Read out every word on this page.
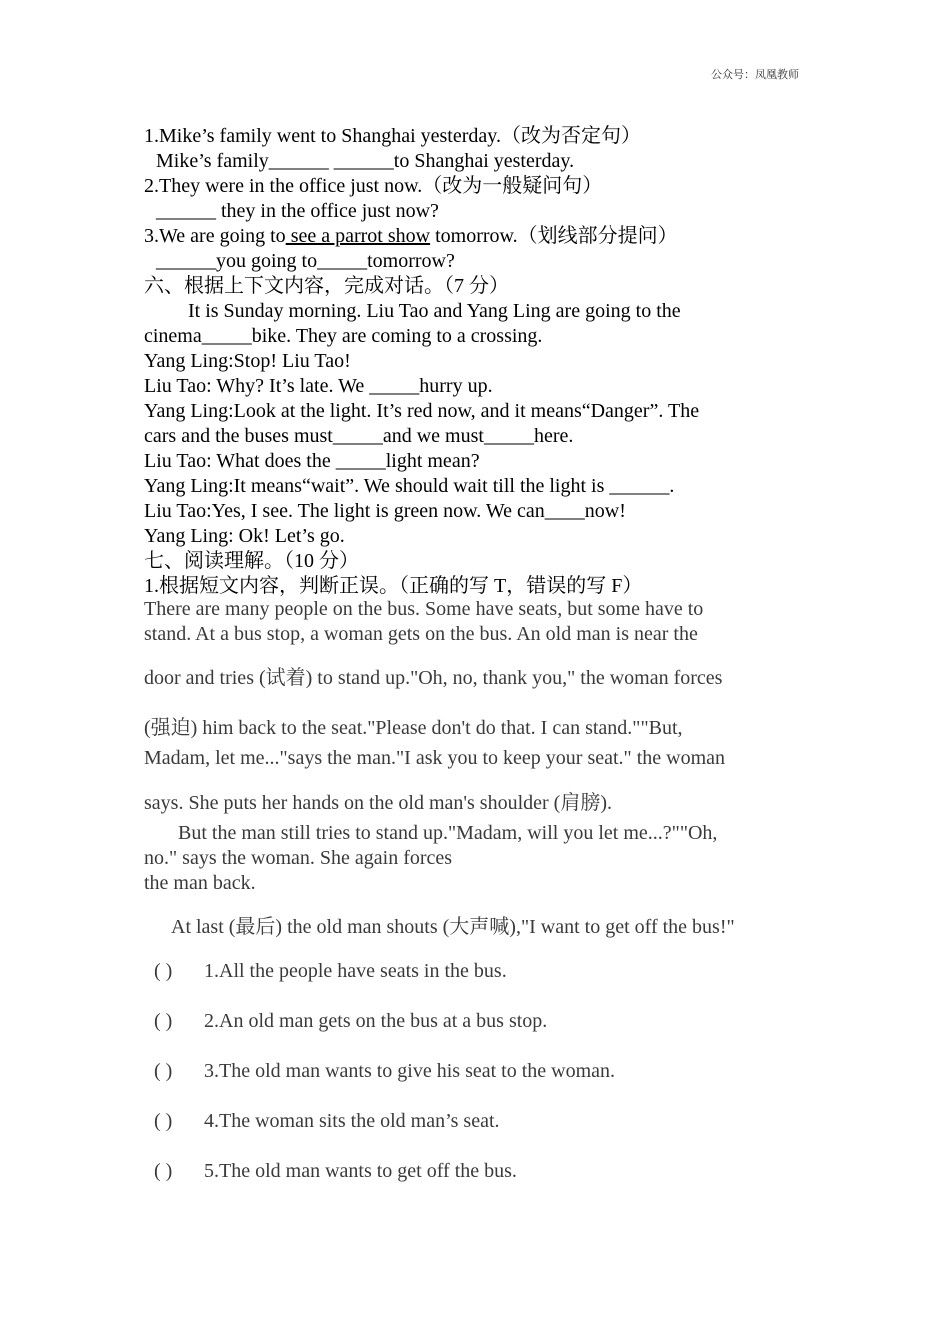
公众号：凤凰教师
1.Mike’s family went to Shanghai yesterday.（改为否定句）
Mike’s family______ ______to Shanghai yesterday.
2.They were in the office just now.（改为一般疑问句）
______ they in the office just now?
3.We are going to see a parrot show tomorrow.（划线部分提问）
______you going to_____tomorrow?
六、根据上下文内容，完成对话。（7 分）
It is Sunday morning. Liu Tao and Yang Ling are going to the
cinema_____bike. They are coming to a crossing.
Yang Ling:Stop! Liu Tao!
Liu Tao: Why? It’s late. We _____hurry up.
Yang Ling:Look at the light. It’s red now, and it means“Danger”. The
cars and the buses must_____and we must_____here.
Liu Tao: What does the _____light mean?
Yang Ling:It means“wait”. We should wait till the light is ______.
Liu Tao:Yes, I see. The light is green now. We can____now!
Yang Ling: Ok! Let’s go.
七、阅读理解。（10 分）
1.根据短文内容，判断正误。（正确的写 T，错误的写 F）
There are many people on the bus. Some have seats, but some have to
stand. At a bus stop, a woman gets on the bus. An old man is near the
door and tries (试着) to stand up."Oh, no, thank you," the woman forces
(强迫) him back to the seat."Please don't do that. I can stand.""But,
Madam, let me..."says the man."I ask you to keep your seat." the woman
says. She puts her hands on the old man's shoulder (肩膀).
But the man still tries to stand up."Madam, will you let me...?""Oh,
no." says the woman. She again forces
the man back.
At last (最后) the old man shouts (大声喊),"I want to get off the bus!"
( ) 1.All the people have seats in the bus.
( ) 2.An old man gets on the bus at a bus stop.
( ) 3.The old man wants to give his seat to the woman.
( ) 4.The woman sits the old man’s seat.
( ) 5.The old man wants to get off the bus.
